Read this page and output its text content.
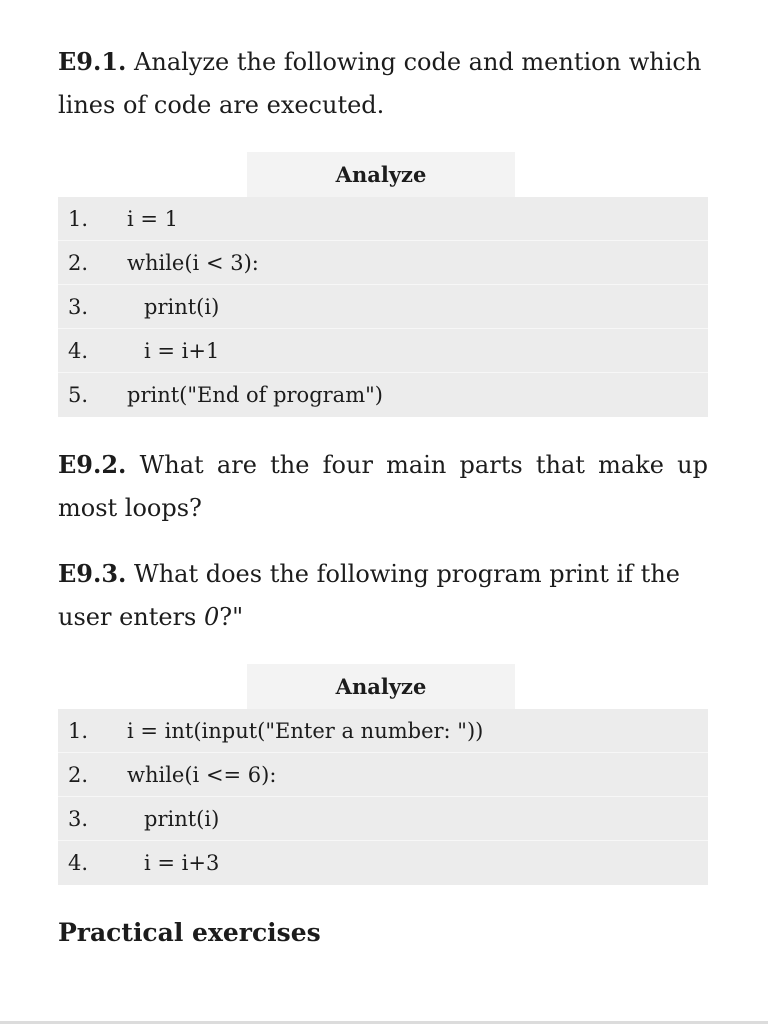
E9.1. Analyze the following code and mention which lines of code are executed.

Analyze
1.	i = 1
2.	while(i < 3):
3.	print(i)
4.	i = i+1
5.	print("End of program")

E9.2. What are the four main parts that make up most loops?

E9.3. What does the following program print if the user enters 0?"

Analyze
1.	i = int(input("Enter a number: "))
2.	while(i <= 6):
3.	print(i)
4.	i = i+3
Practical exercises
